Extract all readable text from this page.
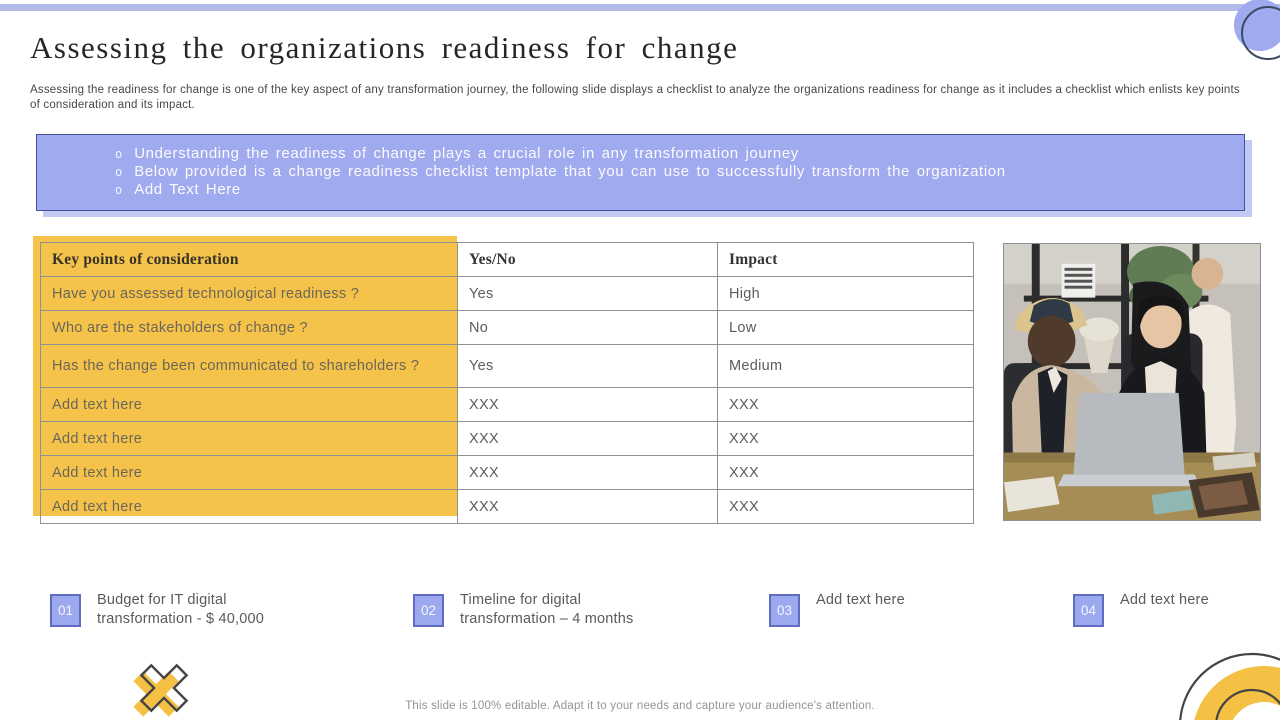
Assessing the organizations readiness for change
Assessing the readiness for change is one of the key aspect of any transformation journey, the following slide displays a checklist to analyze the organizations readiness for change as it includes a checklist which enlists key points of consideration and its impact.
o Understanding the readiness of change plays a crucial role in any transformation journey
o Below provided is a change readiness checklist template that you can use to successfully transform the organization
o Add Text Here
Key points of consideration	Yes/No	Impact
Have you assessed technological readiness ?	Yes	High
Who are the stakeholders of change ?	No	Low
Has the change been communicated to shareholders ?	Yes	Medium
Add text here	XXX	XXX
Add text here	XXX	XXX
Add text here	XXX	XXX
Add text here	XXX	XXX
01
Budget for IT digital transformation - $ 40,000
02
Timeline for digital transformation – 4 months
03
Add text here
04
Add text here
This slide is 100% editable. Adapt it to your needs and capture your audience's attention.
